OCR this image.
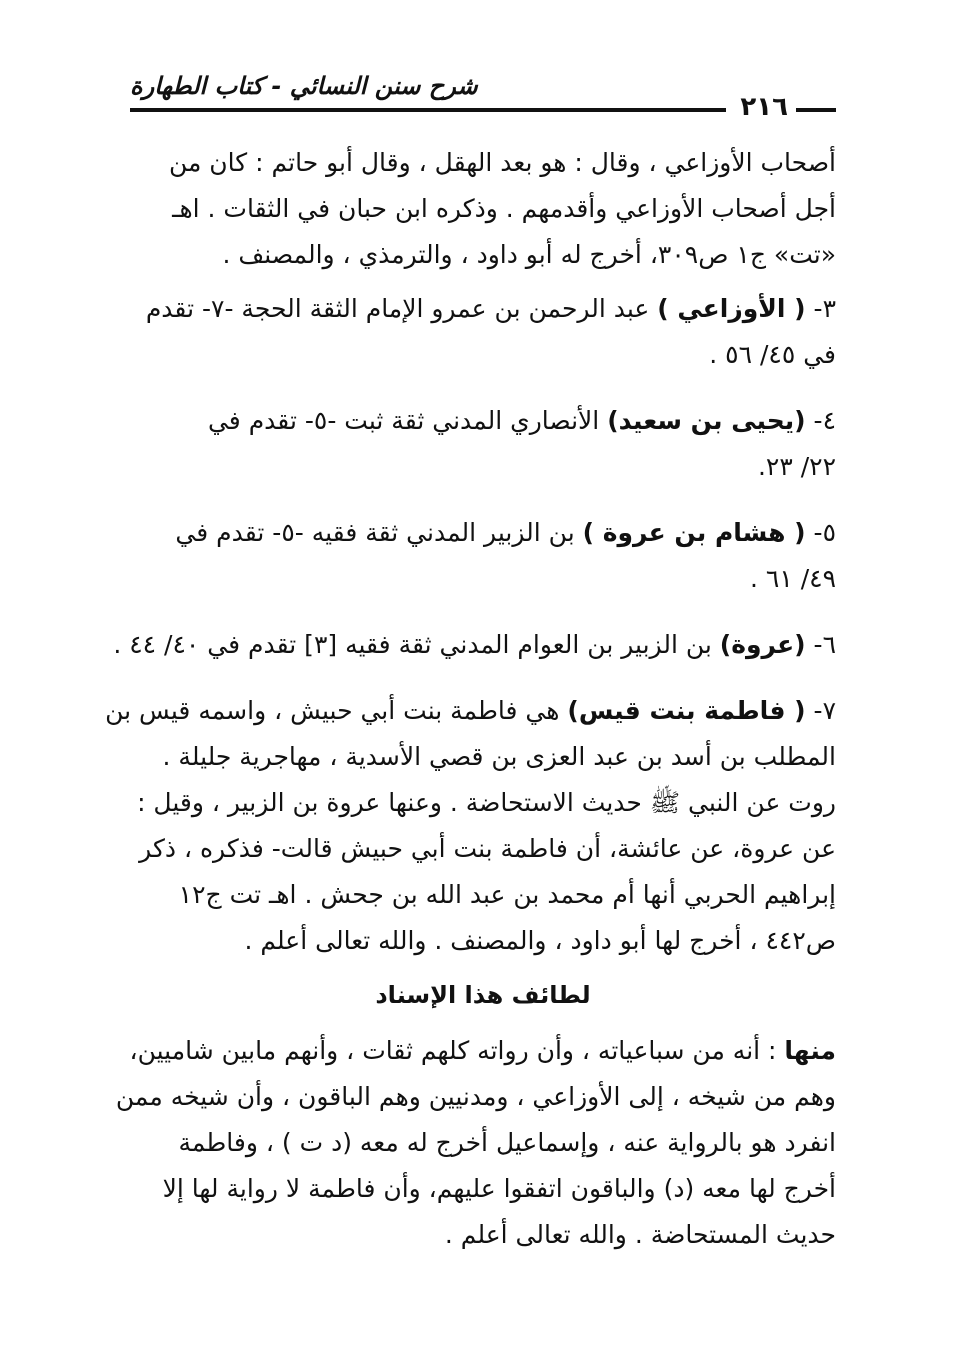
شرح سنن النسائي - كتاب الطهارة
٢١٦
أصحاب الأوزاعي ، وقال : هو بعد الهقل ، وقال أبو حاتم : كان من
أجل أصحاب الأوزاعي وأقدمهم . وذكره ابن حبان في الثقات . اهـ
«تت» ج١ ص٣٠٩، أخرج له أبو داود ، والترمذي ، والمصنف .
٣- ( الأوزاعي ) عبد الرحمن بن عمرو الإمام الثقة الحجة -٧- تقدم
في ٤٥/ ٥٦ .
٤- (يحيى بن سعيد) الأنصاري المدني ثقة ثبت -٥- تقدم في
٢٢/ ٢٣.
٥- ( هشام بن عروة ) بن الزبير المدني ثقة فقيه -٥- تقدم في
٤٩/ ٦١ .
٦- (عروة) بن الزبير بن العوام المدني ثقة فقيه [٣] تقدم في ٤٠/ ٤٤ .
٧- ( فاطمة بنت قيس) هي فاطمة بنت أبي حبيش ، واسمه قيس بن
المطلب بن أسد بن عبد العزى بن قصي الأسدية ، مهاجرية جليلة .
روت عن النبي ﷺ حديث الاستحاضة . وعنها عروة بن الزبير ، وقيل :
عن عروة، عن عائشة، أن فاطمة بنت أبي حبيش قالت- فذكره ، ذكر
إبراهيم الحربي أنها أم محمد بن عبد الله بن جحش . اهـ تت ج١٢
ص٤٤٢ ، أخرج لها أبو داود ، والمصنف . والله تعالى أعلم .
لطائف هذا الإسناد
منها : أنه من سباعياته ، وأن رواته كلهم ثقات ، وأنهم مابين شاميين،
وهم من شيخه ، إلى الأوزاعي ، ومدنيين وهم الباقون ، وأن شيخه ممن
انفرد هو بالرواية عنه ، وإسماعيل أخرج له معه (د ت ) ، وفاطمة
أخرج لها معه (د) والباقون اتفقوا عليهم، وأن فاطمة لا رواية لها إلا
حديث المستحاضة . والله تعالى أعلم .
